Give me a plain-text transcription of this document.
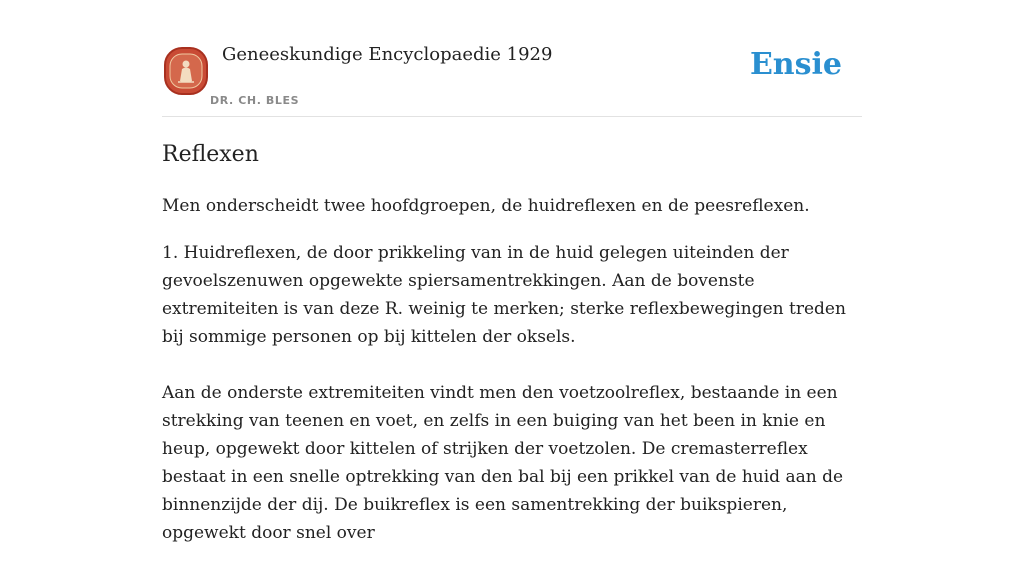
Geneeskundige Encyclopaedie 1929
DR. CH. BLES
Ensie
Reflexen

Men onderscheidt twee hoofdgroepen, de huidreflexen en de peesreflexen.

1. Huidreflexen, de door prikkeling van in de huid gelegen uiteinden der gevoelszenuwen opgewekte spiersamentrekkingen. Aan de bovenste extremiteiten is van deze R. weinig te merken; sterke reflexbewegingen treden bij sommige personen op bij kittelen der oksels.

Aan de onderste extremiteiten vindt men den voetzoolreflex, bestaande in een strekking van teenen en voet, en zelfs in een buiging van het been in knie en heup, opgewekt door kittelen of strijken der voetzolen. De cremasterreflex bestaat in een snelle optrekking van den bal bij een prikkel van de huid aan de binnenzijde der dij. De buikreflex is een samentrekking der buikspieren, opgewekt door snel over
